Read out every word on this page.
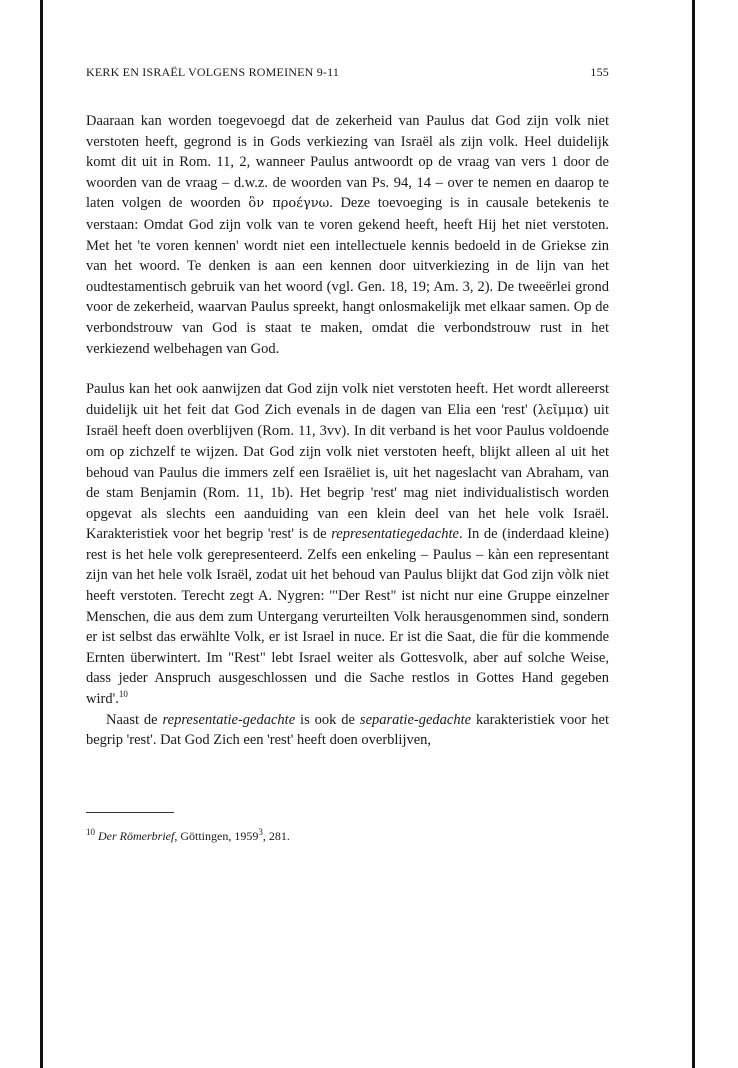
KERK EN ISRAËL VOLGENS ROMEINEN 9-11	155

Daaraan kan worden toegevoegd dat de zekerheid van Paulus dat God zijn volk niet verstoten heeft, gegrond is in Gods verkiezing van Israël als zijn volk. Heel duidelijk komt dit uit in Rom. 11, 2, wanneer Paulus antwoordt op de vraag van vers 1 door de woorden van de vraag – d.w.z. de woorden van Ps. 94, 14 – over te nemen en daarop te laten volgen de woorden ὃν προέγνω. Deze toevoeging is in causale betekenis te verstaan: Omdat God zijn volk van te voren gekend heeft, heeft Hij het niet verstoten. Met het 'te voren kennen' wordt niet een intellectuele kennis bedoeld in de Griekse zin van het woord. Te denken is aan een kennen door uitverkiezing in de lijn van het oudtestamentisch gebruik van het woord (vgl. Gen. 18, 19; Am. 3, 2). De tweeërlei grond voor de zekerheid, waarvan Paulus spreekt, hangt onlosmakelijk met elkaar samen. Op de verbondstrouw van God is staat te maken, omdat die verbondstrouw rust in het verkiezend welbehagen van God.

Paulus kan het ook aanwijzen dat God zijn volk niet verstoten heeft. Het wordt allereerst duidelijk uit het feit dat God Zich evenals in de dagen van Elia een 'rest' (λεῖμμα) uit Israël heeft doen overblijven (Rom. 11, 3vv). In dit verband is het voor Paulus voldoende om op zichzelf te wijzen. Dat God zijn volk niet verstoten heeft, blijkt alleen al uit het behoud van Paulus die immers zelf een Israëliet is, uit het nageslacht van Abraham, van de stam Benjamin (Rom. 11, 1b). Het begrip 'rest' mag niet individualistisch worden opgevat als slechts een aanduiding van een klein deel van het hele volk Israël. Karakteristiek voor het begrip 'rest' is de representatiegedachte. In de (inderdaad kleine) rest is het hele volk gerepresenteerd. Zelfs een enkeling – Paulus – kàn een representant zijn van het hele volk Israël, zodat uit het behoud van Paulus blijkt dat God zijn vòlk niet heeft verstoten. Terecht zegt A. Nygren: '"Der Rest" ist nicht nur eine Gruppe einzelner Menschen, die aus dem zum Untergang verurteilten Volk herausgenommen sind, sondern er ist selbst das erwählte Volk, er ist Israel in nuce. Er ist die Saat, die für die kommende Ernten überwintert. Im "Rest" lebt Israel weiter als Gottesvolk, aber auf solche Weise, dass jeder Anspruch ausgeschlossen und die Sache restlos in Gottes Hand gegeben wird'.$^{10}$

Naast de representatie-gedachte is ook de separatie-gedachte karakteristiek voor het begrip 'rest'. Dat God Zich een 'rest' heeft doen overblijven,

$^{10}$ Der Römerbrief, Göttingen, 1959$^3$, 281.
